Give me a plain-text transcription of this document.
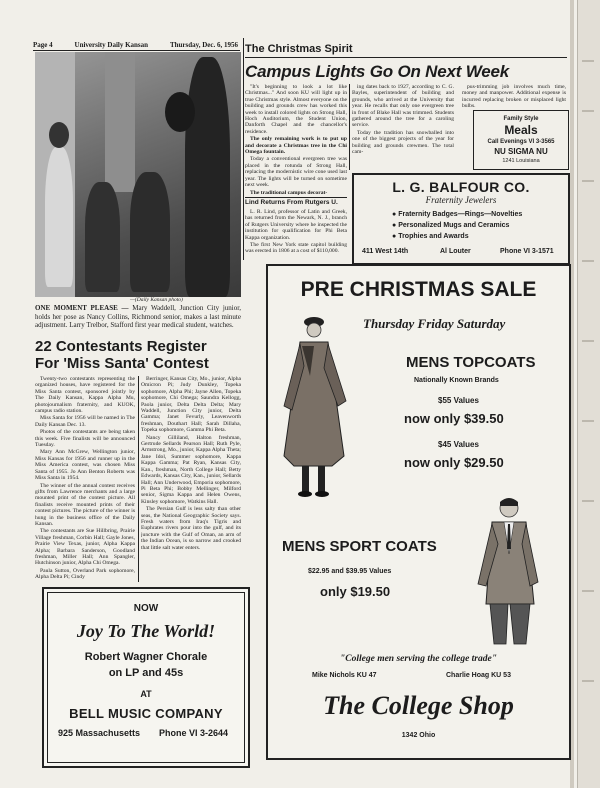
Page 4	University Daily Kansan	Thursday, Dec. 6, 1956
—(Daily Kansan photo)
ONE MOMENT PLEASE — Mary Waddell, Junction City junior, holds her pose as Nancy Collins, Richmond senior, makes a last minute adjustment. Larry Trelbor, Stafford first year medical student, watches.
22 Contestants Register
For 'Miss Santa' Contest

Twenty-two contestants representing the organized houses, have registered for the Miss Santa contest, sponsored jointly by The Daily Kansan, Kappa Alpha Mu, photojournalism fraternity, and KUOK, campus radio station.

Miss Santa for 1956 will be named in The Daily Kansan Dec. 13.

Photos of the contestants are being taken this week. Five finalists will be announced Tuesday.

Mary Ann McGrew, Wellington junior, Miss Kansas for 1956 and runner up in the Miss America contest, was chosen Miss Santa of 1955. Jo Ann Benton Roberts was Miss Santa in 1954.

The winner of the annual contest receives gifts from Lawrence merchants and a large mounted print of the contest picture. All finalists receive mounted prints of their contest pictures. The picture of the winner is hung in the business office of the Daily Kansan.

The contestants are Sue Hillbring, Prairie Village freshman, Corbin Hall; Gayle Jones, Prairie View Texas, junior, Alpha Kappa Alpha; Barbara Sanderson, Goodland freshman, Miller Hall; Ann Spangler, Hutchinson junior, Alpha Chi Omega.

Paula Sutton, Overland Park sophomore, Alpha Delta Pi; Cindy

Berringer, Kansas City, Mo., junior, Alpha Omicron Pi; Judy Dunkley, Topeka sophomore, Alpha Phi; Jayne Allen, Topeka sophomore, Chi Omega; Saundra Kellogg, Paola junior, Delta Delta Delta; Mary Waddell, Junction City junior, Delta Gamma; Janet Fevurly, Leavenworth freshman, Douthart Hall; Sarah Dillaha, Topeka sophomore, Gamma Phi Beta.

Nancy Gilliland, Halton freshman, Gertrude Sellards Pearson Hall; Ruth Pyle, Armstrong, Mo., junior, Kappa Alpha Theta; Jane Idol, Summer sophomore, Kappa Kappa Gamma; Pat Ryan, Kansas City, Kan., freshman, North College Hall; Betty Edwards, Kansas City, Kan., junior, Sellards Hall; Ann Underwood, Emporia sophomore, Pi Beta Phi; Bobby Mellinger, Milford senior, Sigma Kappa and Helen Owens, Kinsley sophomore, Watkins Hall.

The Persian Gulf is less salty than other seas, the National Geographic Society says. Fresh waters from Iraq's Tigris and Euphrates rivers pour into the gulf, and its juncture with the Gulf of Oman, an arm of the Indian Ocean, is so narrow and crooked that little salt water enters.

NOW
Joy To The World!
Robert Wagner Chorale
on LP and 45s
AT
BELL MUSIC COMPANY
925 Massachusetts Phone VI 3-2644
The Christmas Spirit
Campus Lights Go On Next Week

"It's beginning to look a lot like Christmas..." And soon KU will light up in true Christmas style. Almost everyone on the building and grounds crew has worked this week to install colored lights on Strong Hall, Hoch Auditorium, the Student Union, Danforth Chapel and the chancellor's residence.

The only remaining work is to put up and decorate a Christmas tree in the Chi Omega fountain.

Today a conventional evergreen tree was placed in the rotunda of Strong Hall, replacing the modernistic wire cone used last year. The lights will be turned on sometime next week.

The traditional campus decorat-

ing dates back to 1927, according to C. G. Bayles, superintendent of building and grounds, who arrived at the University that year. He recalls that only one evergreen tree in front of Blake Hall was trimmed. Students gathered around the tree for a caroling service.

Today the tradition has snowballed into one of the biggest projects of the year for building and grounds crewmen. The total cam-

pus-trimming job involves much time, money and manpower. Additional expense is incurred replacing broken or misplaced light bulbs.

Family Style
Meals
Call Evenings VI 3-3565
NU SIGMA NU
1241 Louisiana
Lind Returns From Rutgers U.

L. R. Lind, professor of Latin and Greek, has returned from the Newark, N. J., branch of Rutgers University where he inspected the institution for qualification for Phi Beta Kappa organization.

The first New York state capitol building was erected in 1806 at a cost of $110,000.

L. G. BALFOUR CO.
Fraternity Jewelers
● Fraternity Badges—Rings—Novelties
● Personalized Mugs and Ceramics
● Trophies and Awards
411 West 14th	Al Louter	Phone VI 3-1571
PRE CHRISTMAS SALE
Thursday Friday Saturday
MENS TOPCOATS
Nationally Known Brands
$55 Values
now only $39.50
$45 Values
now only $29.50
MENS SPORT COATS
$22.95 and $39.95 Values
only $19.50
"College men serving the college trade"
Mike Nichols KU 47	Charlie Hoag KU 53
The College Shop
1342 Ohio
